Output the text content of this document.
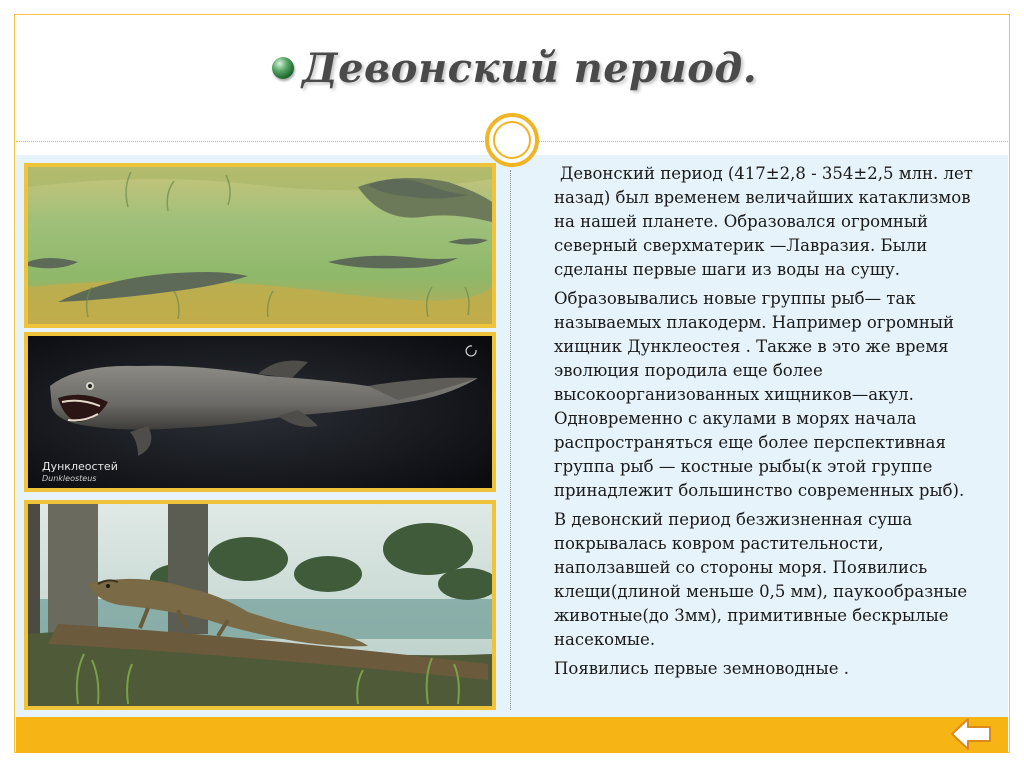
Девонский период.
Дунклеостей
Dunkleosteus

Девонский период (417±2,8 - 354±2,5 млн. лет назад) был временем величайших катаклизмов на нашей планете. Образовался огромный северный сверхматерик —Лавразия. Были сделаны первые шаги из воды на сушу.

Образовывались новые группы рыб— так называемых плакодерм. Например огромный хищник Дунклеостея . Также в это же время эволюция породила еще более высокоорганизованных хищников—акул. Одновременно с акулами в морях начала распространяться еще более перспективная группа рыб — костные рыбы(к этой группе принадлежит большинство современных рыб).

В девонский период безжизненная суша покрывалась ковром растительности, наползавшей со стороны моря. Появились клещи(длиной меньше 0,5 мм), паукообразные животные(до 3мм), примитивные бескрылые насекомые.

Появились первые земноводные .
